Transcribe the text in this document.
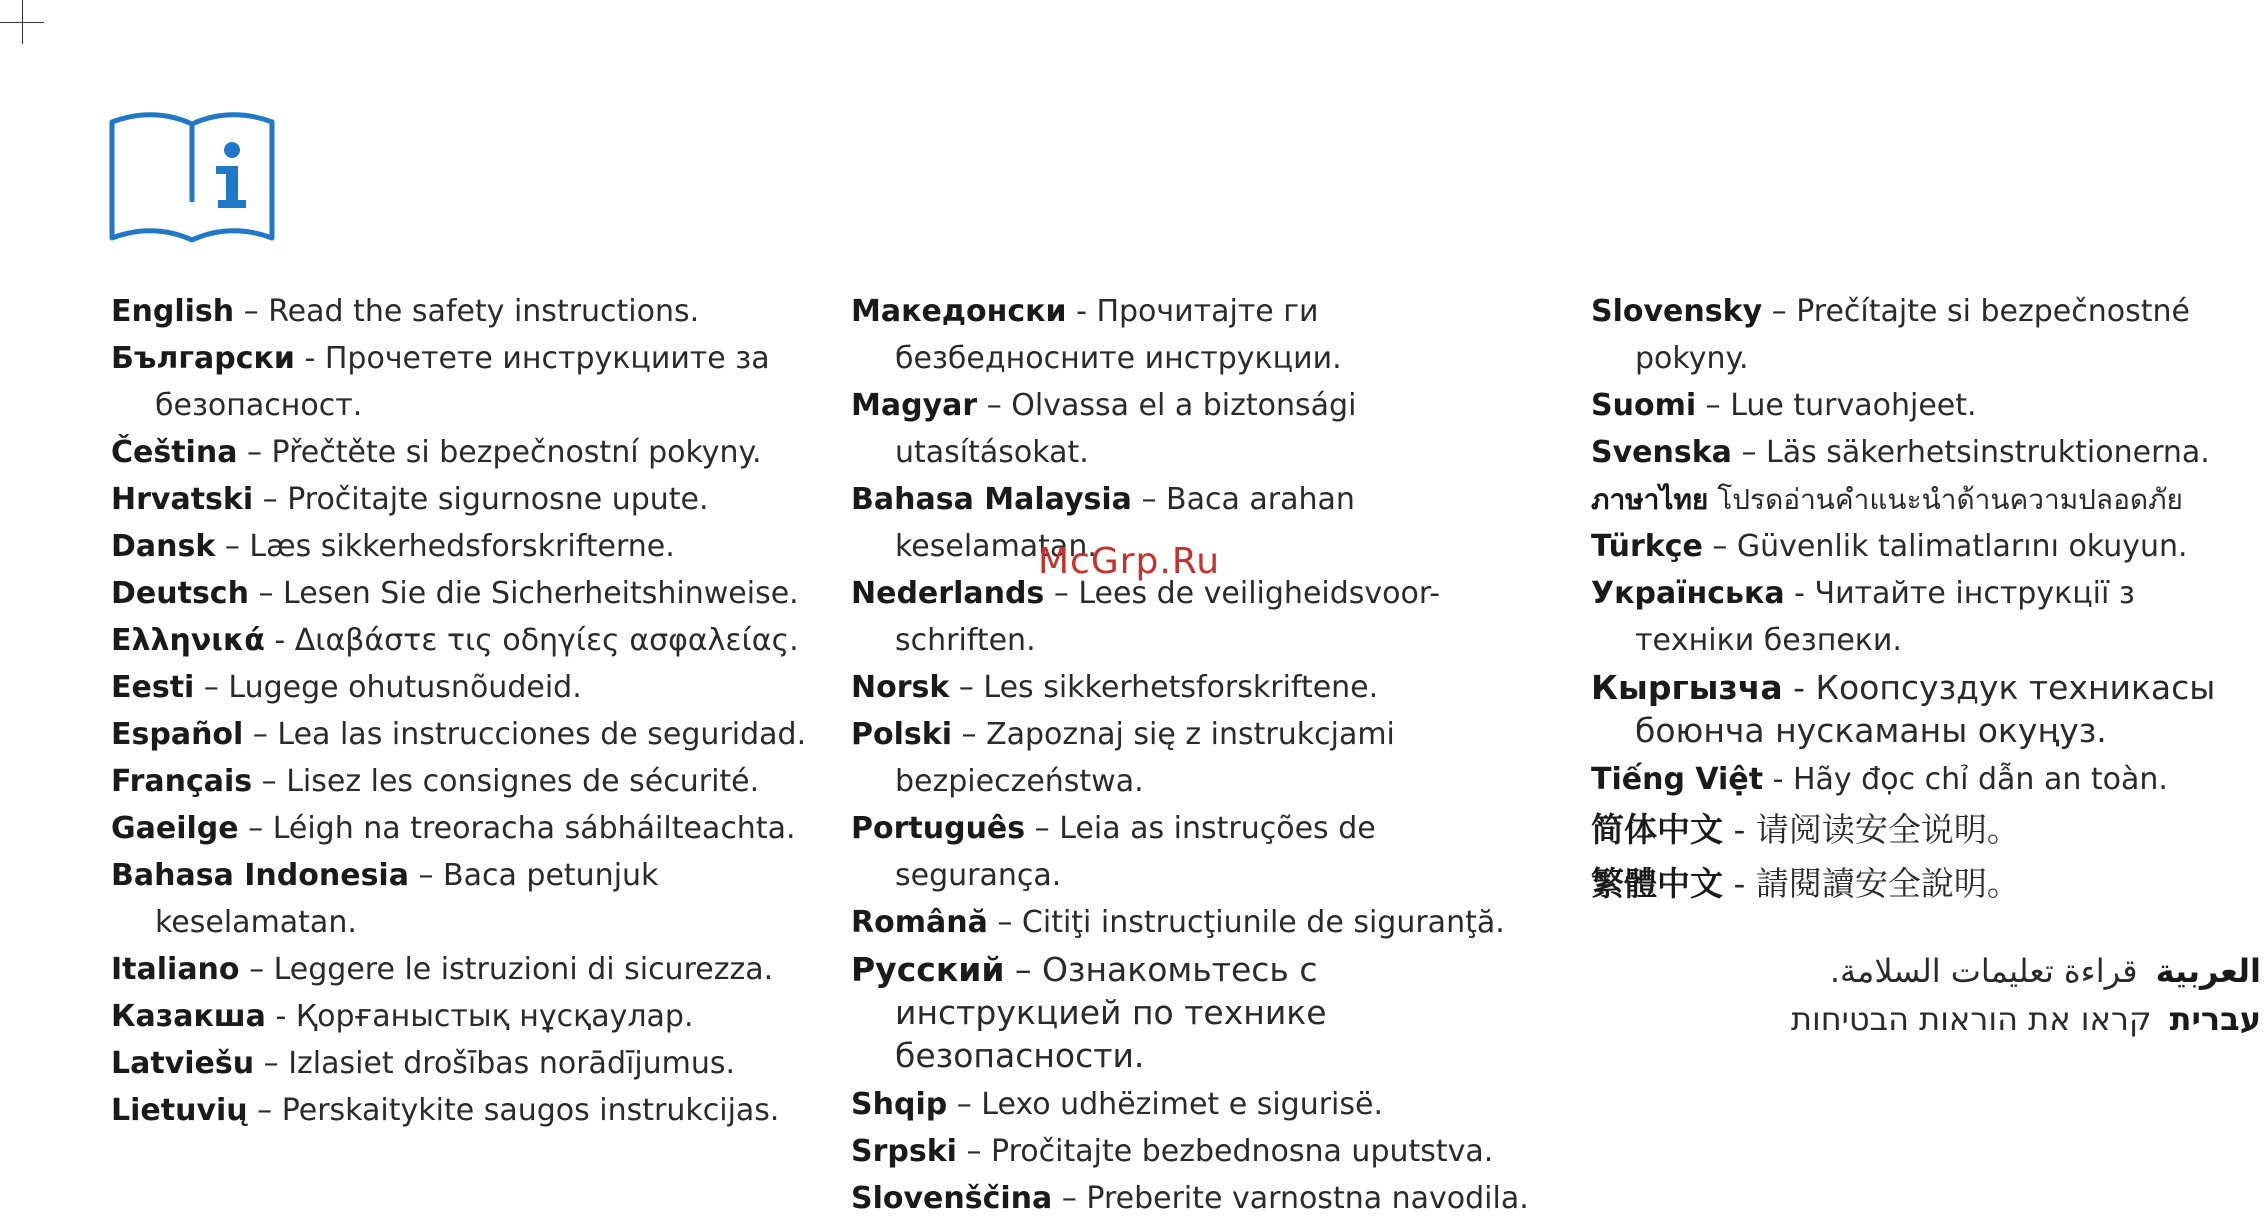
English – Read the safety instructions.

Български - Прочетете инструкциите за безопасност.

Čeština – Přečtěte si bezpečnostní pokyny.

Hrvatski – Pročitajte sigurnosne upute.

Dansk – Læs sikkerhedsforskrifterne.

Deutsch – Lesen Sie die Sicherheitshinweise.

Ελληνικά - Διαβάστε τις οδηγίες ασφαλείας.

Eesti – Lugege ohutusnõudeid.

Español – Lea las instrucciones de seguridad.

Français – Lisez les consignes de sécurité.

Gaeilge – Léigh na treoracha sábháilteachta.

Bahasa Indonesia – Baca petunjuk keselamatan.

Italiano – Leggere le istruzioni di sicurezza.

Казакша - Қорғаныстық нұсқаулар.

Latviešu – Izlasiet drošības norādījumus.

Lietuvių – Perskaitykite saugos instrukcijas.

Македонски - Прочитајте ги безбедносните инструкции.

Magyar – Olvassa el a biztonsági utasításokat.

Bahasa Malaysia – Baca arahan keselamatan.

Nederlands – Lees de veiligheidsvoor-schriften.

Norsk – Les sikkerhetsforskriftene.

Polski – Zapoznaj się z instrukcjami bezpieczeństwa.

Português – Leia as instruções de segurança.

Română – Citiţi instrucţiunile de siguranţă.

Русский – Ознакомьтесь с инструкцией по технике безопасности.

Shqip – Lexo udhëzimet e sigurisë.

Srpski – Pročitajte bezbednosna uputstva.

Slovenščina – Preberite varnostna navodila.

Slovensky – Prečítajte si bezpečnostné pokyny.

Suomi – Lue turvaohjeet.

Svenska – Läs säkerhetsinstruktionerna.

ภาษาไทย โปรดอ่านคำแนะนำด้านความปลอดภัย

Türkçe – Güvenlik talimatlarını okuyun.

Українська - Читайте інструкції з техніки безпеки.

Кыргызча - Коопсуздук техникасы боюнча нускаманы окуңуз.

Tiếng Việt - Hãy đọc chỉ dẫn an toàn.

简体中文 - 请阅读安全说明。

繁體中文 - 請閱讀安全說明。

العربيةقراءة تعليمات السلامة.

עבריתקראו את הוראות הבטיחות

McGrp.Ru
